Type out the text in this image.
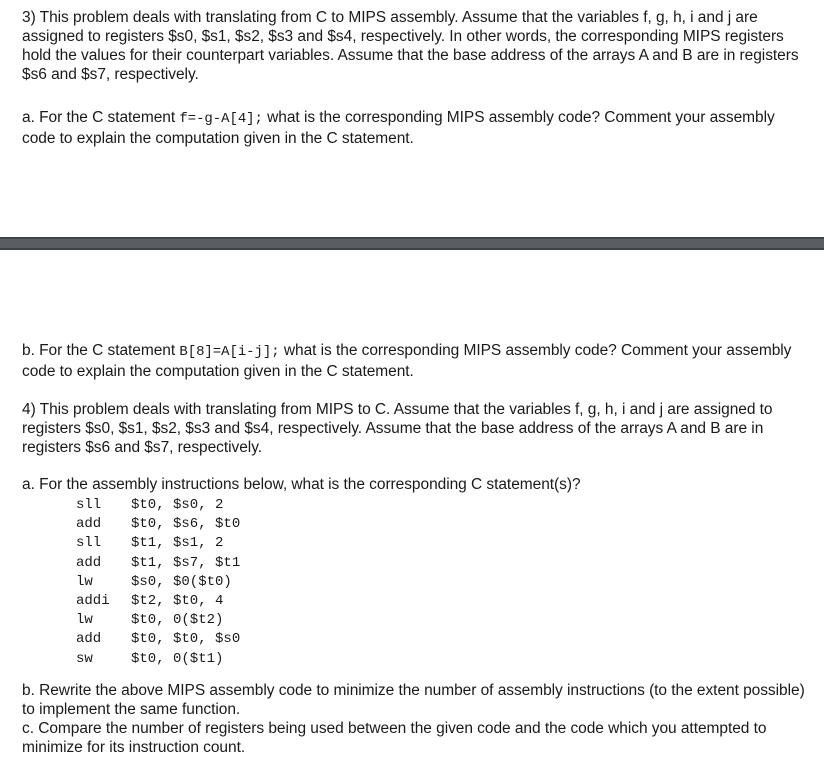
3) This problem deals with translating from C to MIPS assembly. Assume that the variables f, g, h, i and j are assigned to registers $s0, $s1, $s2, $s3 and $s4, respectively. In other words, the corresponding MIPS registers hold the values for their counterpart variables. Assume that the base address of the arrays A and B are in registers $s6 and $s7, respectively.

a. For the C statement f=-g-A[4]; what is the corresponding MIPS assembly code? Comment your assembly code to explain the computation given in the C statement.

b. For the C statement B[8]=A[i-j]; what is the corresponding MIPS assembly code? Comment your assembly code to explain the computation given in the C statement.

4) This problem deals with translating from MIPS to C. Assume that the variables f, g, h, i and j are assigned to registers $s0, $s1, $s2, $s3 and $s4, respectively. Assume that the base address of the arrays A and B are in registers $s6 and $s7, respectively.

a. For the assembly instructions below, what is the corresponding C statement(s)?

sll	$t0, $s0, 2
add	$t0, $s6, $t0
sll	$t1, $s1, 2
add	$t1, $s7, $t1
lw	$s0, $0($t0)
addi	$t2, $t0, 4
lw	$t0, 0($t2)
add	$t0, $t0, $s0
sw	$t0, 0($t1)

b. Rewrite the above MIPS assembly code to minimize the number of assembly instructions (to the extent possible) to implement the same function.

c. Compare the number of registers being used between the given code and the code which you attempted to minimize for its instruction count.
